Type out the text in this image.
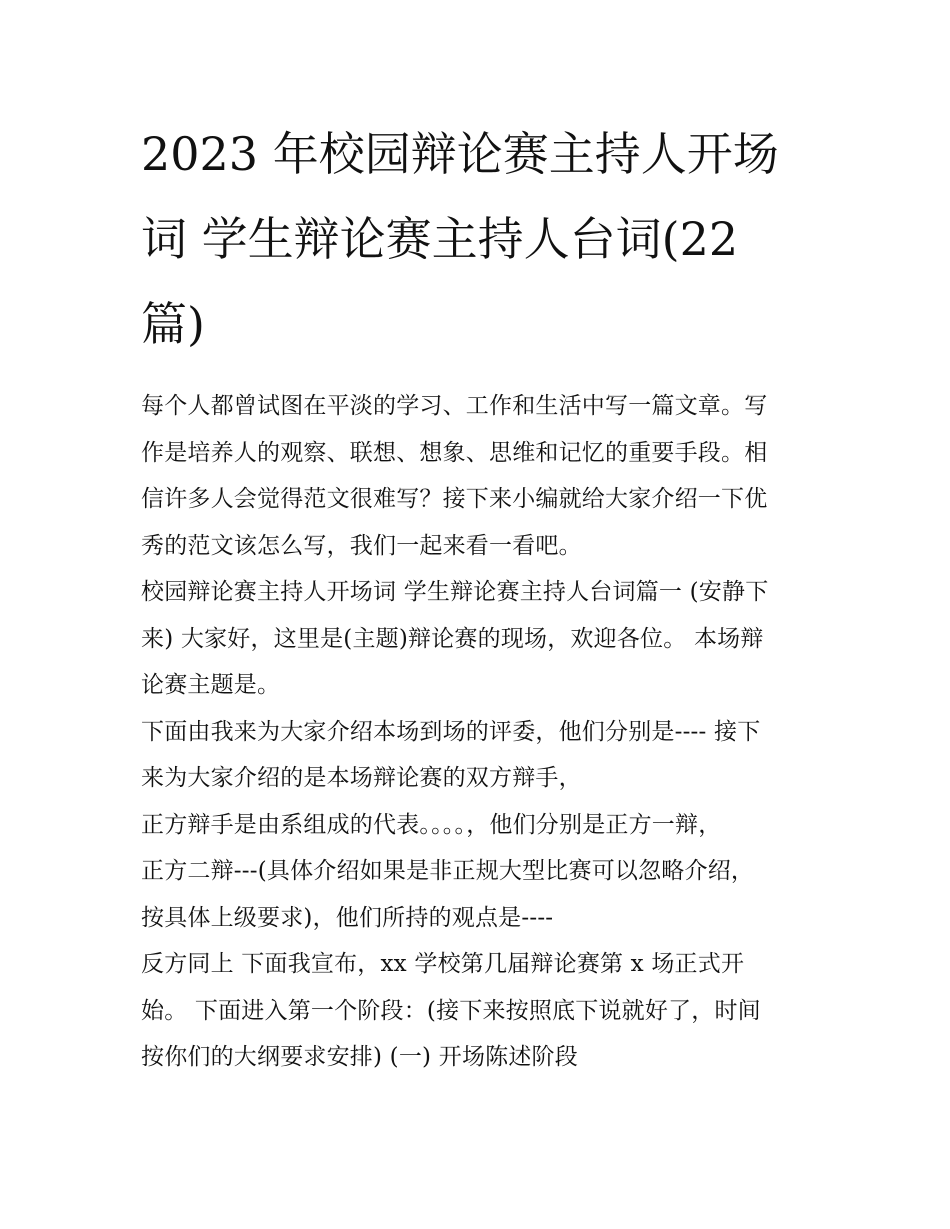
2023 年校园辩论赛主持人开场
词 学生辩论赛主持人台词(22
篇)

每个人都曾试图在平淡的学习、工作和生活中写一篇文章。写
作是培养人的观察、联想、想象、思维和记忆的重要手段。相
信许多人会觉得范文很难写？接下来小编就给大家介绍一下优
秀的范文该怎么写，我们一起来看一看吧。

校园辩论赛主持人开场词 学生辩论赛主持人台词篇一 (安静下
来) 大家好，这里是(主题)辩论赛的现场，欢迎各位。 本场辩
论赛主题是。

下面由我来为大家介绍本场到场的评委，他们分别是---- 接下
来为大家介绍的是本场辩论赛的双方辩手，

正方辩手是由系组成的代表。。。。，他们分别是正方一辩，
正方二辩---(具体介绍如果是非正规大型比赛可以忽略介绍，
按具体上级要求)，他们所持的观点是----

反方同上 下面我宣布，xx 学校第几届辩论赛第 x 场正式开
始。 下面进入第一个阶段：(接下来按照底下说就好了，时间
按你们的大纲要求安排) (一) 开场陈述阶段
